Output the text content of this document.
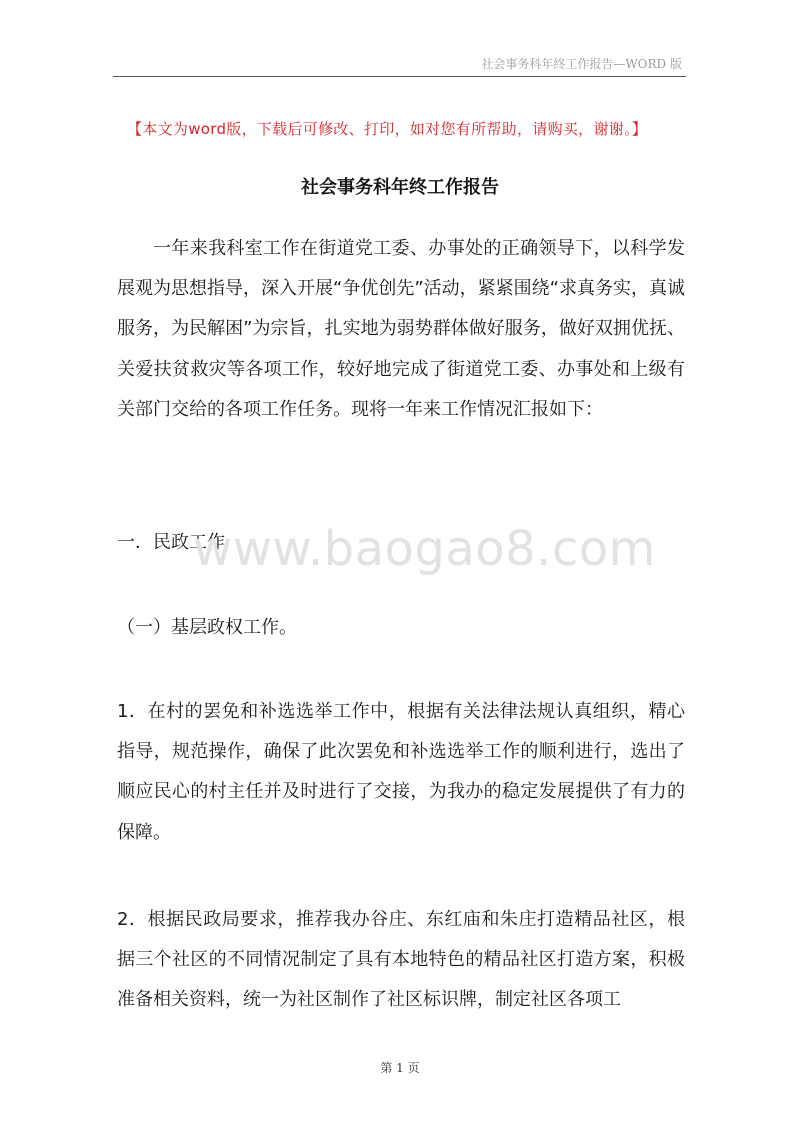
社会事务科年终工作报告—WORD 版
【本文为word版，下载后可修改、打印，如对您有所帮助，请购买，谢谢。】
社会事务科年终工作报告
一年来我科室工作在街道党工委、办事处的正确领导下，以科学发展观为思想指导，深入开展“争优创先”活动，紧紧围绕“求真务实，真诚服务，为民解困”为宗旨，扎实地为弱势群体做好服务，做好双拥优抚、关爱扶贫救灾等各项工作，较好地完成了街道党工委、办事处和上级有关部门交给的各项工作任务。现将一年来工作情况汇报如下：
一．民政工作
www.baogao8.com
（一）基层政权工作。
1．在村的罢免和补选选举工作中，根据有关法律法规认真组织，精心指导，规范操作，确保了此次罢免和补选选举工作的顺利进行，选出了顺应民心的村主任并及时进行了交接，为我办的稳定发展提供了有力的保障。
2．根据民政局要求，推荐我办谷庄、东红庙和朱庄打造精品社区，根据三个社区的不同情况制定了具有本地特色的精品社区打造方案，积极准备相关资料，统一为社区制作了社区标识牌，制定社区各项工
第 1 页
